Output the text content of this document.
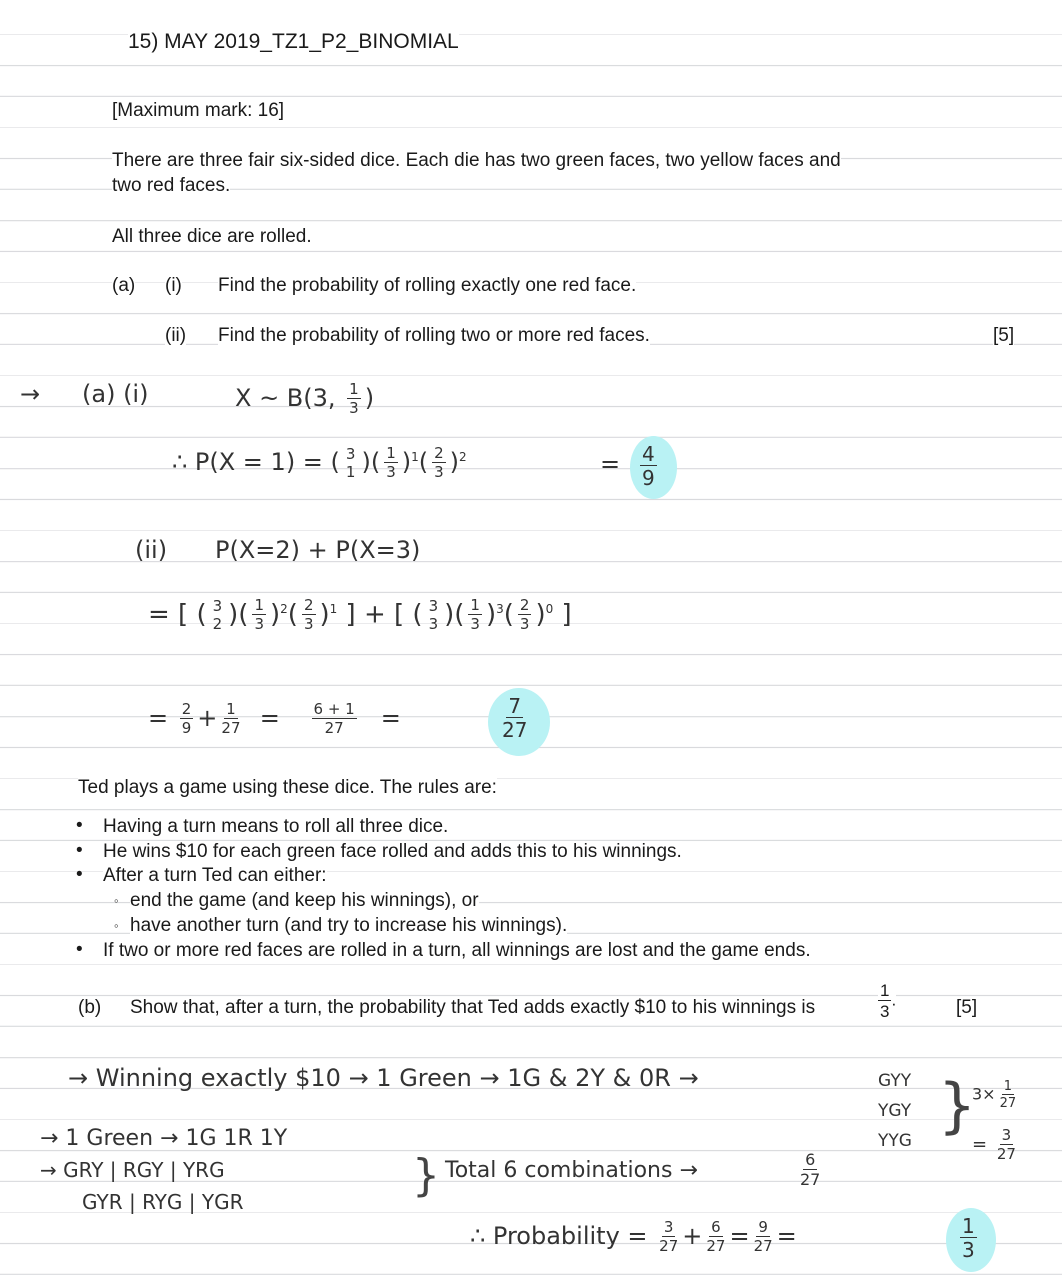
15) MAY 2019_TZ1_P2_BINOMIAL
[Maximum mark: 16]
There are three fair six-sided dice. Each die has two green faces, two yellow faces and
two red faces.
All three dice are rolled.
(a) (i) Find the probability of rolling exactly one red face.
(ii) Find the probability of rolling two or more red faces.	[5]
→ (a) (i)	X ~ B(3, $\frac{1}{3}$ )
∴ P(X = 1) = ( 3
1 )( $\frac{1}{3} )^1( \frac{2}{3} )^2$	= $\frac{4}{9}$
(ii) P(X=2) + P(X=3)
= [ ( 3
2 )( $\frac{1}{3} )^2( \frac{2}{3} )^1$ ] + [ ( 3
3 )( $\frac{1}{3} )^3( \frac{2}{3} )^0$ ]
= $\frac{2}{9} + \frac{1}{27} = \frac{6 + 1}{27}$ =	$\frac{7}{27}$
Ted plays a game using these dice. The rules are:
• Having a turn means to roll all three dice.
• He wins $10 for each green face rolled and adds this to his winnings.
• After a turn Ted can either:
◦ end the game (and keep his winnings), or
◦ have another turn (and try to increase his winnings).
• If two or more red faces are rolled in a turn, all winnings are lost and the game ends.
(b) Show that, after a turn, the probability that Ted adds exactly $10 to his winnings is	$\frac{1}{3}$ .	[5]
→ Winning exactly $10 → 1 Green → 1G & 2Y & 0R →	GYY
YGY
YYG }
$3\times \frac{1}{27}$
= $\frac{3}{27}$
→ 1 Green → 1G 1R 1Y
→ GRY | RGY | YRG
GYR | RYG | YGR
} Total 6 combinations →	$\frac{6}{27}$
∴ Probability = $\frac{3}{27} + \frac{6}{27} = \frac{9}{27}$ =	$\frac{1}{3}$
